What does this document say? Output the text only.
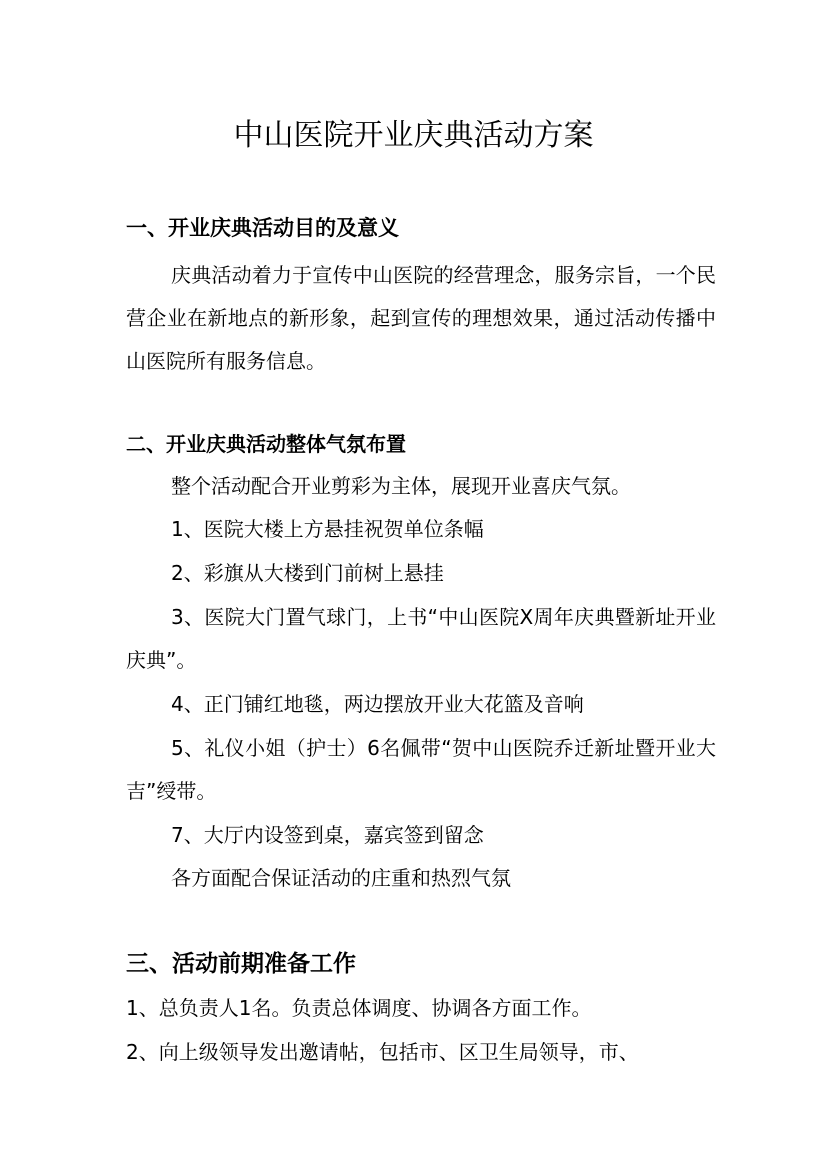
中山医院开业庆典活动方案
一、开业庆典活动目的及意义

庆典活动着力于宣传中山医院的经营理念，服务宗旨，一个民营企业在新地点的新形象，起到宣传的理想效果，通过活动传播中山医院所有服务信息。

二、开业庆典活动整体气氛布置

整个活动配合开业剪彩为主体，展现开业喜庆气氛。

1、医院大楼上方悬挂祝贺单位条幅

2、彩旗从大楼到门前树上悬挂

3、医院大门置气球门，上书“中山医院Ⅹ周年庆典暨新址开业庆典”。

4、正门铺红地毯，两边摆放开业大花篮及音响

5、礼仪小姐（护士）6名佩带“贺中山医院乔迁新址暨开业大吉”绶带。

7、大厅内设签到桌，嘉宾签到留念

各方面配合保证活动的庄重和热烈气氛

三、活动前期准备工作

1、总负责人1名。负责总体调度、协调各方面工作。

2、向上级领导发出邀请帖，包括市、区卫生局领导，市、
